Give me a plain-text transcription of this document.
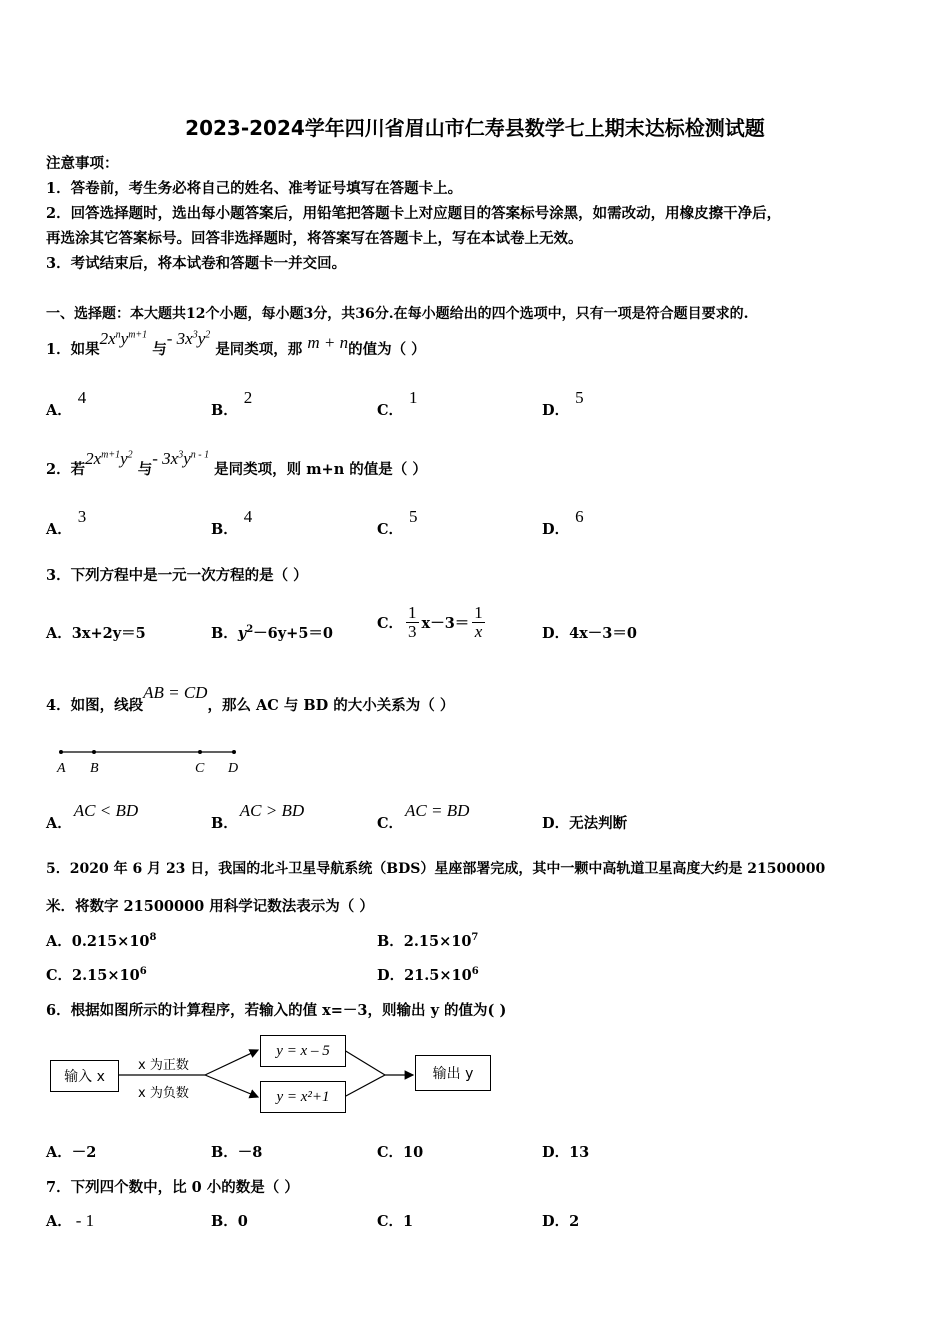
2023-2024学年四川省眉山市仁寿县数学七上期末达标检测试题
注意事项：
1．答卷前，考生务必将自己的姓名、准考证号填写在答题卡上。
2．回答选择题时，选出每小题答案后，用铅笔把答题卡上对应题目的答案标号涂黑，如需改动，用橡皮擦干净后，
再选涂其它答案标号。回答非选择题时，将答案写在答题卡上，写在本试卷上无效。
3．考试结束后，将本试卷和答题卡一并交回。
一、选择题：本大题共12个小题，每小题3分，共36分.在每小题给出的四个选项中，只有一项是符合题目要求的.
1．如果$2x^ny^{m+1}$ 与- $3x^3y^2$ 是同类项，那 m + n的值为（ ）
A．4
B．2
C．1
D．5
2．若$2x^{m+1}y^2$ 与- $3x^3y^{n - 1}$ 是同类项，则 m+n 的值是（ ）
A．3
B．4
C．5
D．6
3．下列方程中是一元一次方程的是（ ）
A．3x+2y＝5	B．$y^2-6y+5=0$
C． $\frac{1}{3} x-3= \frac{1}{x}$	D．4x－3＝0
4．如图，线段AB = CD，那么 AC 与 BD 的大小关系为（ ）
A B	C D
A．AC < BD
B．AC > BD
C．AC = BD
D．无法判断
5．2020 年 6 月 23 日，我国的北斗卫星导航系统（BDS）星座部署完成，其中一颗中高轨道卫星高度大约是 21500000
米．将数字 21500000 用科学记数法表示为（ ）
A．$0.215\times 10^8$	B．$2.15\times 10^7$
C．$2.15\times 10^6$	D．$21.5\times 10^6$
6．根据如图所示的计算程序，若输入的值 x=－3，则输出 y 的值为( )
输入 x
x 为正数
x 为负数
y = x – 5
y = x²+1
输出 y
A．－2	B．－8	C．10	D．13
7．下列四个数中，比 0 小的数是（ ）
A． - 1	B．0	C．1	D．2
